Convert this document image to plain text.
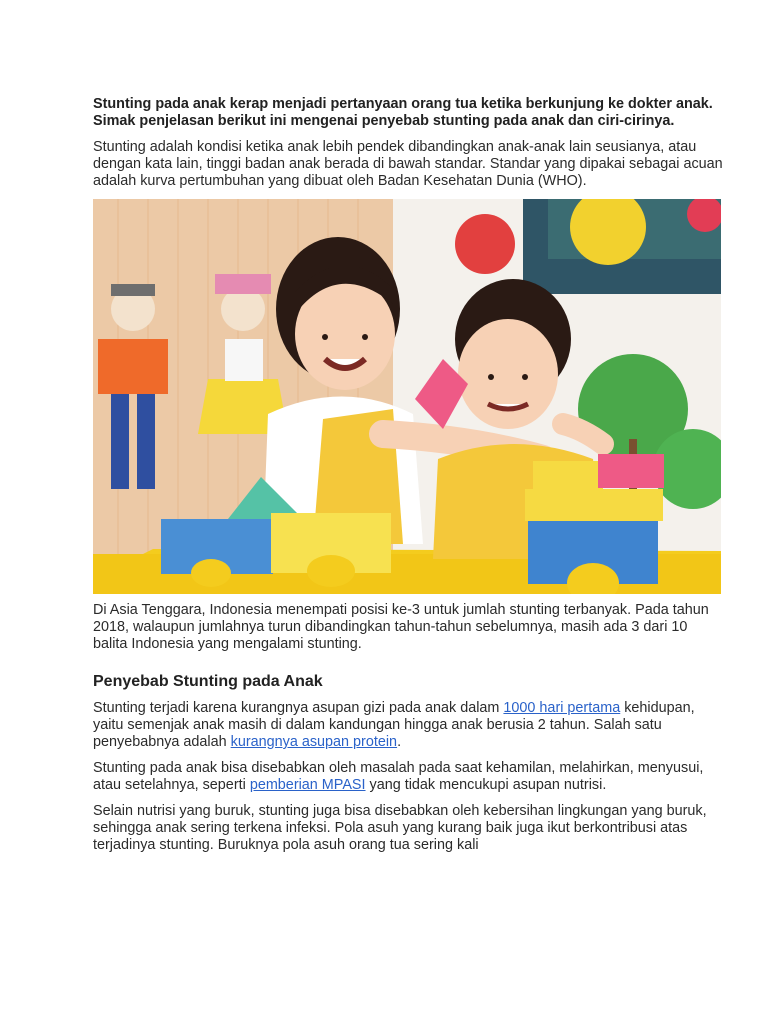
Stunting pada anak kerap menjadi pertanyaan orang tua ketika berkunjung ke dokter anak. Simak penjelasan berikut ini mengenai penyebab stunting pada anak dan ciri-cirinya.

Stunting adalah kondisi ketika anak lebih pendek dibandingkan anak-anak lain seusianya, atau dengan kata lain, tinggi badan anak berada di bawah standar. Standar yang dipakai sebagai acuan adalah kurva pertumbuhan yang dibuat oleh Badan Kesehatan Dunia (WHO).

Di Asia Tenggara, Indonesia menempati posisi ke-3 untuk jumlah stunting terbanyak. Pada tahun 2018, walaupun jumlahnya turun dibandingkan tahun-tahun sebelumnya, masih ada 3 dari 10 balita Indonesia yang mengalami stunting.

Penyebab Stunting pada Anak

Stunting terjadi karena kurangnya asupan gizi pada anak dalam 1000 hari pertama kehidupan, yaitu semenjak anak masih di dalam kandungan hingga anak berusia 2 tahun. Salah satu penyebabnya adalah kurangnya asupan protein.

Stunting pada anak bisa disebabkan oleh masalah pada saat kehamilan, melahirkan, menyusui, atau setelahnya, seperti pemberian MPASI yang tidak mencukupi asupan nutrisi.

Selain nutrisi yang buruk, stunting juga bisa disebabkan oleh kebersihan lingkungan yang buruk, sehingga anak sering terkena infeksi. Pola asuh yang kurang baik juga ikut berkontribusi atas terjadinya stunting. Buruknya pola asuh orang tua sering kali
